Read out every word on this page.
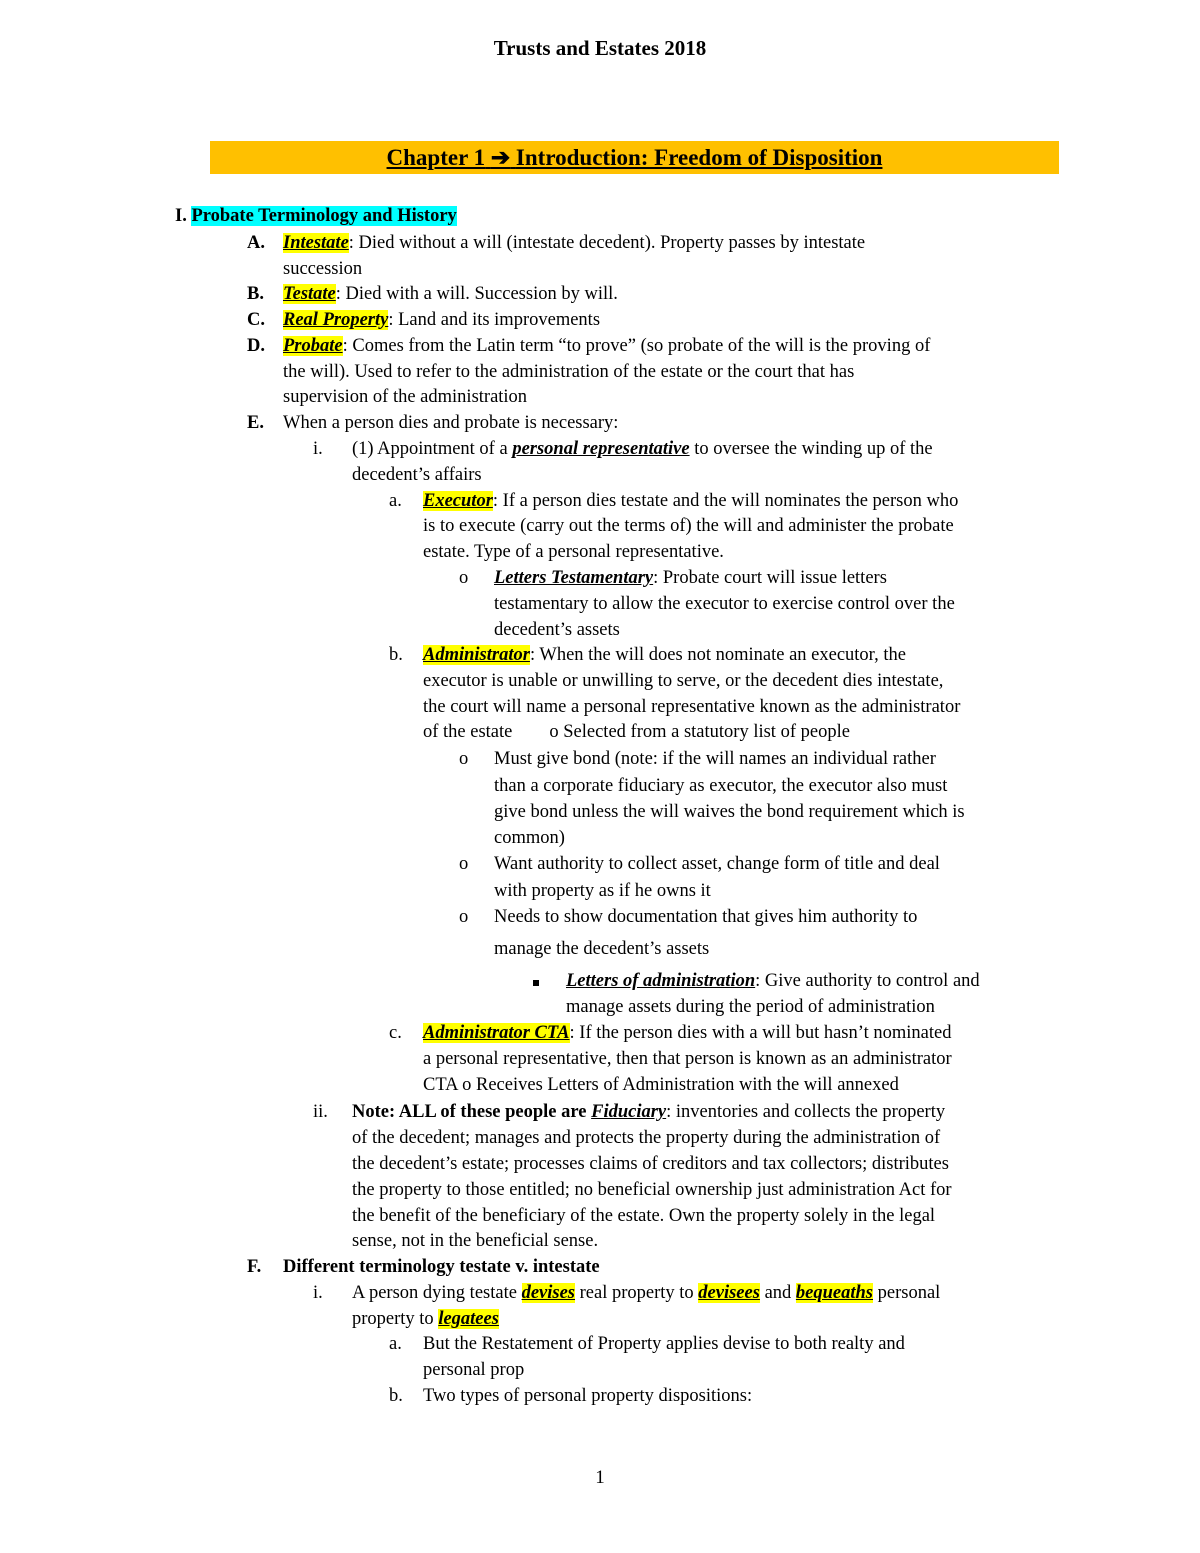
Trusts and Estates 2018
Chapter 1 ➔ Introduction: Freedom of Disposition
I. Probate Terminology and History
A. Intestate: Died without a will (intestate decedent). Property passes by intestate
succession
B. Testate: Died with a will. Succession by will.
C. Real Property: Land and its improvements
D. Probate: Comes from the Latin term “to prove” (so probate of the will is the proving of
the will). Used to refer to the administration of the estate or the court that has
supervision of the administration
E. When a person dies and probate is necessary:
i. (1) Appointment of a personal representative to oversee the winding up of the
decedent’s affairs
a. Executor: If a person dies testate and the will nominates the person who
is to execute (carry out the terms of) the will and administer the probate
estate. Type of a personal representative.
o Letters Testamentary: Probate court will issue letters
testamentary to allow the executor to exercise control over the
decedent’s assets
b. Administrator: When the will does not nominate an executor, the
executor is unable or unwilling to serve, or the decedent dies intestate,
the court will name a personal representative known as the administrator
of the estate o Selected from a statutory list of people
o Must give bond (note: if the will names an individual rather
than a corporate fiduciary as executor, the executor also must
give bond unless the will waives the bond requirement which is
common)
o Want authority to collect asset, change form of title and deal
with property as if he owns it
o Needs to show documentation that gives him authority to
manage the decedent’s assets
Letters of administration: Give authority to control and
manage assets during the period of administration
c. Administrator CTA: If the person dies with a will but hasn’t nominated
a personal representative, then that person is known as an administrator
CTA o Receives Letters of Administration with the will annexed
ii. Note: ALL of these people are Fiduciary: inventories and collects the property
of the decedent; manages and protects the property during the administration of
the decedent’s estate; processes claims of creditors and tax collectors; distributes
the property to those entitled; no beneficial ownership just administration Act for
the benefit of the beneficiary of the estate. Own the property solely in the legal
sense, not in the beneficial sense.
F. Different terminology testate v. intestate
i. A person dying testate devises real property to devisees and bequeaths personal
property to legatees
a. But the Restatement of Property applies devise to both realty and
personal prop
b. Two types of personal property dispositions:
1
